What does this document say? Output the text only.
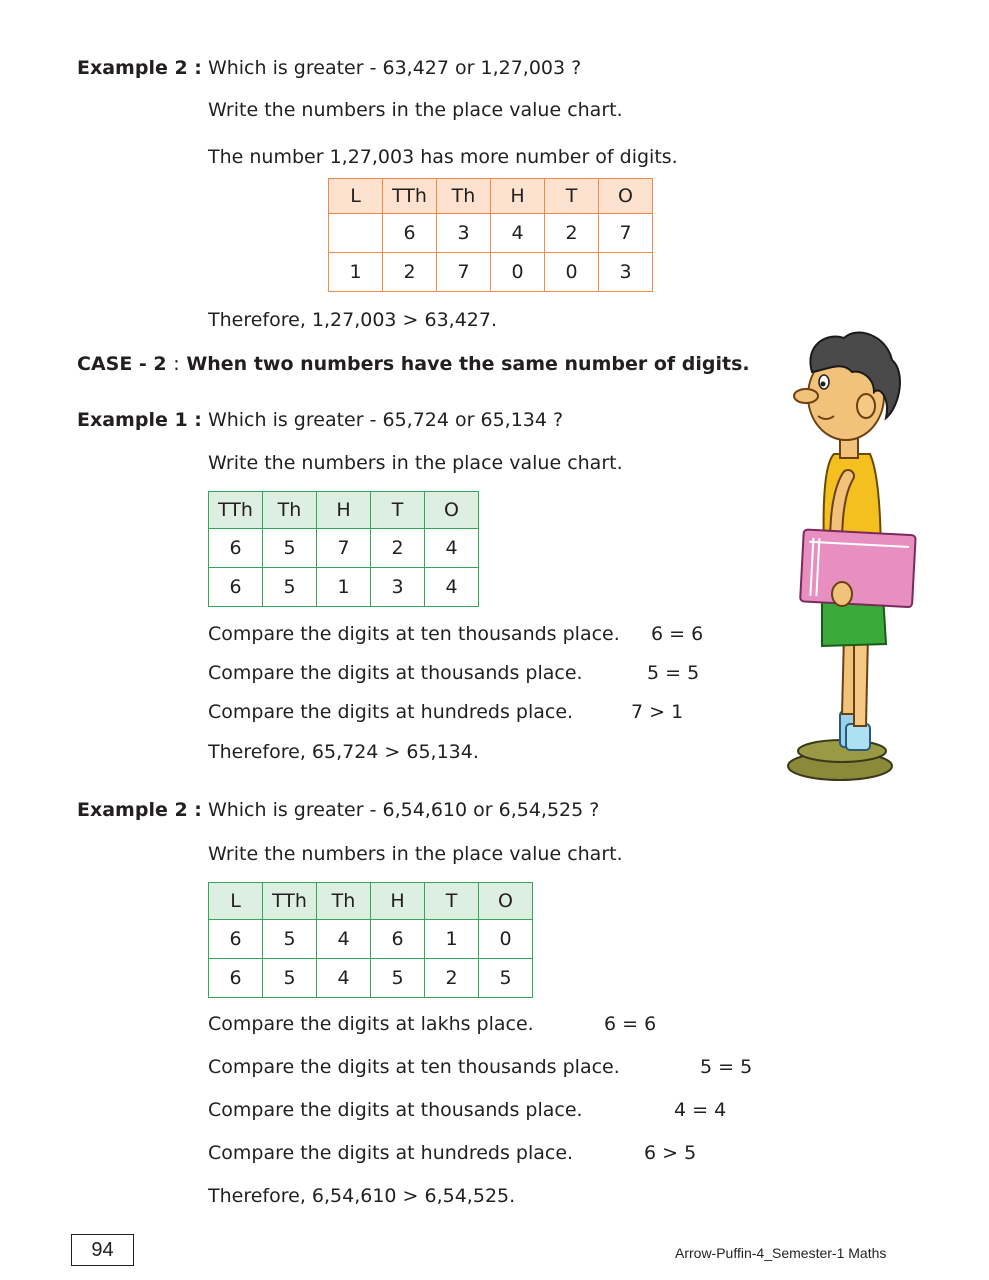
Example 2 : Which is greater - 63,427 or 1,27,003 ?
Write the numbers in the place value chart.
The number 1,27,003 has more number of digits.
L	TTh	Th	H	T	O
	6	3	4	2	7
1	2	7	0	0	3
Therefore, 1,27,003 > 63,427.
CASE - 2 : When two numbers have the same number of digits.
Example 1 : Which is greater - 65,724 or 65,134 ?
Write the numbers in the place value chart.
TTh	Th	H	T	O
6	5	7	2	4
6	5	1	3	4
Compare the digits at ten thousands place. 6 = 6
Compare the digits at thousands place.	5 = 5
Compare the digits at hundreds place.	7 > 1
Therefore, 65,724 > 65,134.
Example 2 : Which is greater - 6,54,610 or 6,54,525 ?
Write the numbers in the place value chart.
L	TTh	Th	H	T	O
6	5	4	6	1	0
6	5	4	5	2	5
Compare the digits at lakhs place.	6 = 6
Compare the digits at ten thousands place.	5 = 5
Compare the digits at thousands place.	4 = 4
Compare the digits at hundreds place.	6 > 5
Therefore, 6,54,610 > 6,54,525.
94	Arrow-Puffin-4_Semester-1 Maths
